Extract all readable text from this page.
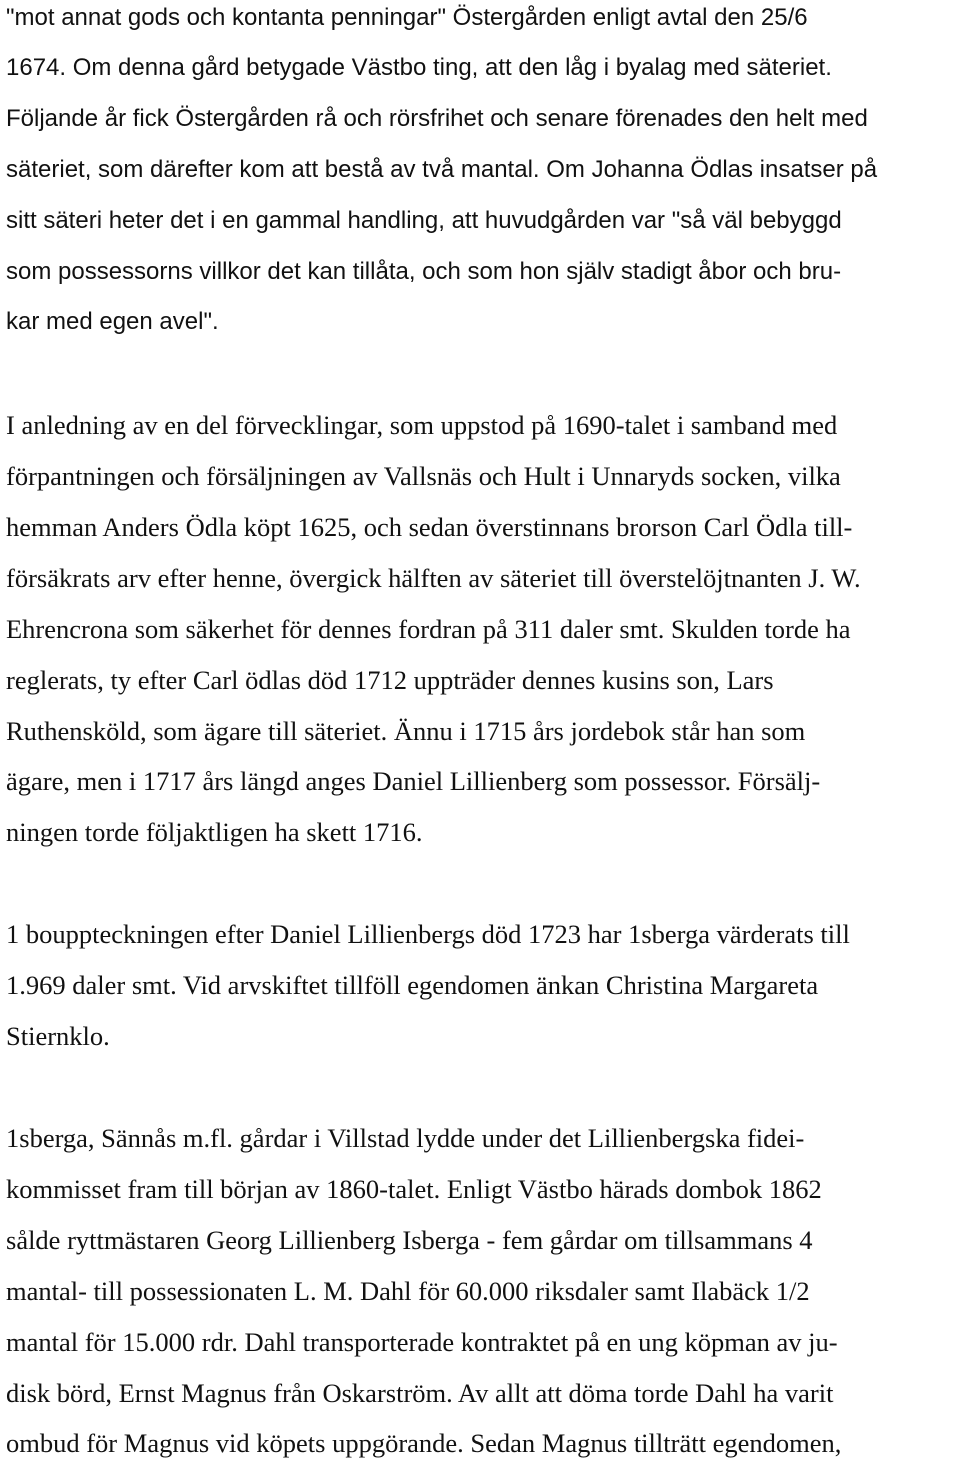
"mot annat gods och kontanta penningar" Östergården enligt avtal den 25/6
1674. Om denna gård betygade Västbo ting, att den låg i byalag med säteriet.
Följande år fick Östergården rå och rörsfrihet och senare förenades den helt med
säteriet, som därefter kom att bestå av två mantal. Om Johanna Ödlas insatser på
sitt säteri heter det i en gammal handling, att huvudgården var "så väl bebyggd
som possessorns villkor det kan tillåta, och som hon själv stadigt åbor och bru-
kar med egen avel".
I anledning av en del förvecklingar, som uppstod på 1690-talet i samband med
förpantningen och försäljningen av Vallsnäs och Hult i Unnaryds socken, vilka
hemman Anders Ödla köpt 1625, och sedan överstinnans brorson Carl Ödla till-
försäkrats arv efter henne, övergick hälften av säteriet till överstelöjtnanten J. W.
Ehrencrona som säkerhet för dennes fordran på 311 daler smt. Skulden torde ha
reglerats, ty efter Carl ödlas död 1712 uppträder dennes kusins son, Lars
Ruthensköld, som ägare till säteriet. Ännu i 1715 års jordebok står han som
ägare, men i 1717 års längd anges Daniel Lillienberg som possessor. Försälj-
ningen torde följaktligen ha skett 1716.
1 bouppteckningen efter Daniel Lillienbergs död 1723 har 1sberga värderats till
1.969 daler smt. Vid arvskiftet tillföll egendomen änkan Christina Margareta
Stiernklo.
1sberga, Sännås m.fl. gårdar i Villstad lydde under det Lillienbergska fidei-
kommisset fram till början av 1860-talet. Enligt Västbo härads dombok 1862
sålde ryttmästaren Georg Lillienberg Isberga - fem gårdar om tillsammans 4
mantal- till possessionaten L. M. Dahl för 60.000 riksdaler samt Ilabäck 1/2
mantal för 15.000 rdr. Dahl transporterade kontraktet på en ung köpman av ju-
disk börd, Ernst Magnus från Oskarström. Av allt att döma torde Dahl ha varit
ombud för Magnus vid köpets uppgörande. Sedan Magnus tillträtt egendomen,
